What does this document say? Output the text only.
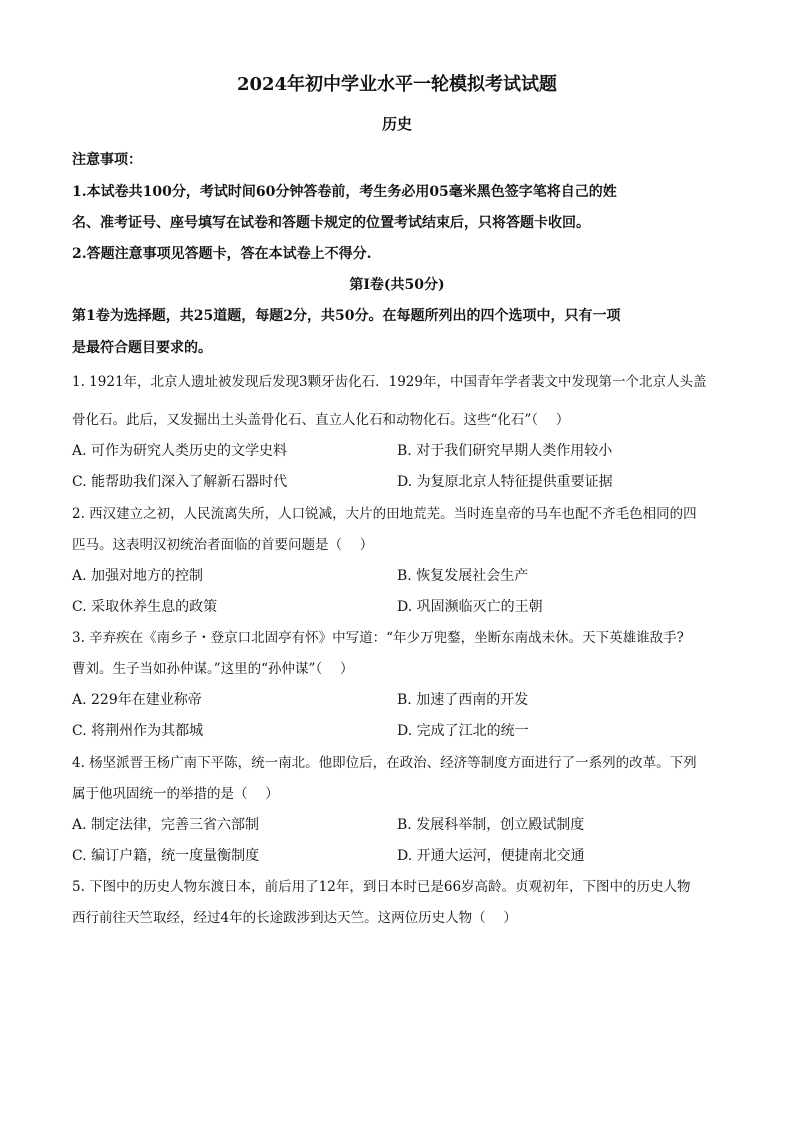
2024年初中学业水平一轮模拟考试试题
历史
注意事项：
1.本试卷共100分，考试时间60分钟答卷前，考生务必用05毫米黑色签字笔将自己的姓
名、准考证号、座号填写在试卷和答题卡规定的位置考试结束后，只将答题卡收回。
2.答题注意事项见答题卡，答在本试卷上不得分.
第Ⅰ卷(共50分)
第1卷为选择题，共25道题，每题2分，共50分。在每题所列出的四个选项中，只有一项
是最符合题目要求的。
1. 1921年，北京人遗址被发现后发现3颗牙齿化石．1929年，中国青年学者裴文中发现第一个北京人头盖
骨化石。此后，又发掘出土头盖骨化石、直立人化石和动物化石。这些“化石”（　 ）
A. 可作为研究人类历史的文学史料	B. 对于我们研究早期人类作用较小
C. 能帮助我们深入了解新石器时代	D. 为复原北京人特征提供重要证据
2. 西汉建立之初，人民流离失所，人口锐减，大片的田地荒芜。当时连皇帝的马车也配不齐毛色相同的四
匹马。这表明汉初统治者面临的首要问题是（　 ）
A. 加强对地方的控制	B. 恢复发展社会生产
C. 采取休养生息的政策	D. 巩固濒临灭亡的王朝
3. 辛弃疾在《南乡子・登京口北固亭有怀》中写道：“年少万兜鍪，坐断东南战未休。天下英雄谁敌手?
曹刘。生子当如孙仲谋。”这里的“孙仲谋”（　 ）
A. 229年在建业称帝	B. 加速了西南的开发
C. 将荆州作为其都城	D. 完成了江北的统一
4. 杨坚派晋王杨广南下平陈，统一南北。他即位后，在政治、经济等制度方面进行了一系列的改革。下列
属于他巩固统一的举措的是（　 ）
A. 制定法律，完善三省六部制	B. 发展科举制，创立殿试制度
C. 编订户籍，统一度量衡制度	D. 开通大运河，便捷南北交通
5. 下图中的历史人物东渡日本，前后用了12年，到日本时已是66岁高龄。贞观初年，下图中的历史人物
西行前往天竺取经，经过4年的长途跋涉到达天竺。这两位历史人物（　 ）
